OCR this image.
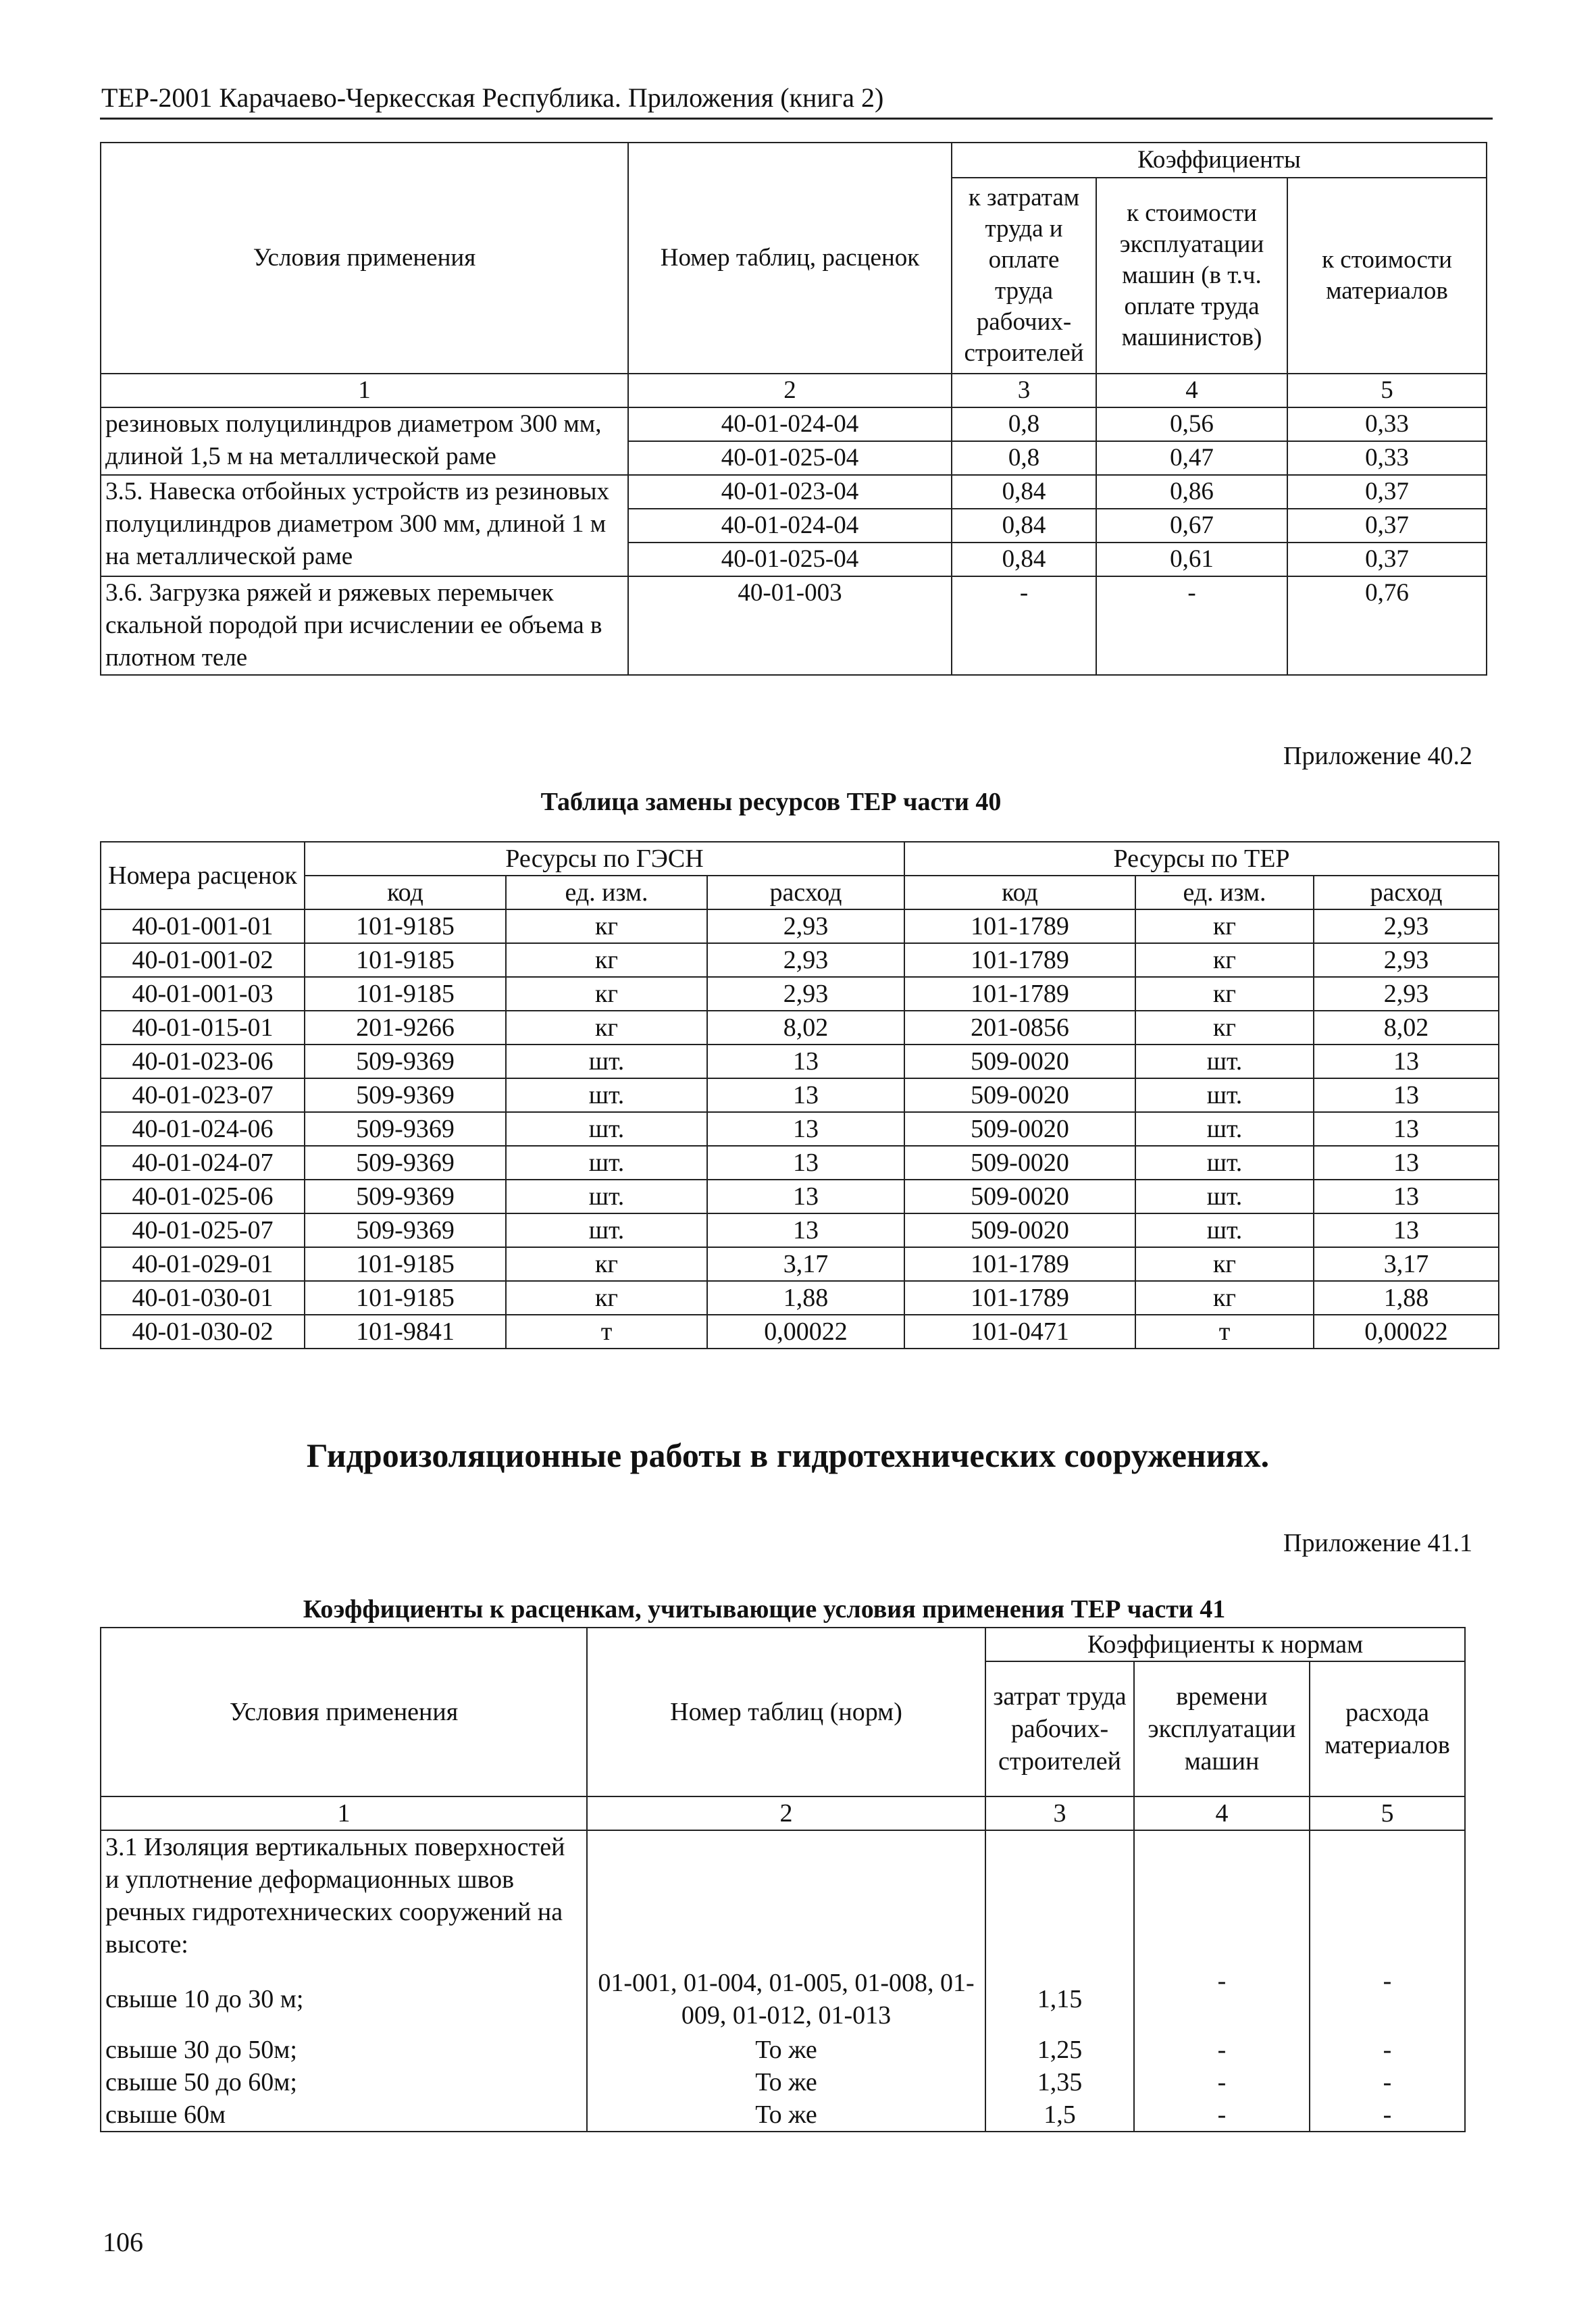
ТЕР-2001 Карачаево-Черкесская Республика. Приложения (книга 2)
Условия применения	Номер таблиц, расценок	Коэффициенты		
		к затратам труда и оплате труда рабочих-строителей	к стоимости эксплуатации машин (в т.ч. оплате труда машинистов)	к стоимости материалов
1	2	3	4	5
резиновых полуцилиндров диаметром 300 мм, длиной 1,5 м на металлической раме	40-01-024-04	0,8	0,56	0,33
	40-01-025-04	0,8	0,47	0,33
3.5. Навеска отбойных устройств из резиновых полуцилиндров диаметром 300 мм, длиной 1 м на металлической раме	40-01-023-04	0,84	0,86	0,37
	40-01-024-04	0,84	0,67	0,37
	40-01-025-04	0,84	0,61	0,37
3.6. Загрузка ряжей и ряжевых перемычек скальной породой при исчислении ее объема в плотном теле	40-01-003	-	-	0,76
Приложение 40.2
Таблица замены ресурсов ТЕР части 40
Номера расценок	Ресурсы по ГЭСН			Ресурсы по ТЕР		
	код	ед. изм.	расход	код	ед. изм.	расход
40-01-001-01	101-9185	кг	2,93	101-1789	кг	2,93
40-01-001-02	101-9185	кг	2,93	101-1789	кг	2,93
40-01-001-03	101-9185	кг	2,93	101-1789	кг	2,93
40-01-015-01	201-9266	кг	8,02	201-0856	кг	8,02
40-01-023-06	509-9369	шт.	13	509-0020	шт.	13
40-01-023-07	509-9369	шт.	13	509-0020	шт.	13
40-01-024-06	509-9369	шт.	13	509-0020	шт.	13
40-01-024-07	509-9369	шт.	13	509-0020	шт.	13
40-01-025-06	509-9369	шт.	13	509-0020	шт.	13
40-01-025-07	509-9369	шт.	13	509-0020	шт.	13
40-01-029-01	101-9185	кг	3,17	101-1789	кг	3,17
40-01-030-01	101-9185	кг	1,88	101-1789	кг	1,88
40-01-030-02	101-9841	т	0,00022	101-0471	т	0,00022
Гидроизоляционные работы в гидротехнических сооружениях.
Приложение 41.1
Коэффициенты к расценкам, учитывающие условия применения ТЕР части 41
Условия применения	Номер таблиц (норм)	Коэффициенты к нормам		
		затрат труда рабочих-строителей	времени эксплуатации машин	расхода материалов
1	2	3	4	5
3.1 Изоляция вертикальных поверхностей и уплотнение деформационных швов речных гидротехнических сооружений на высоте:				
свыше 10 до 30 м;	01-001, 01-004, 01-005, 01-008, 01-009, 01-012, 01-013	1,15	-	-
свыше 30 до 50м;	То же	1,25	-	-
свыше 50 до 60м;	То же	1,35	-	-
свыше 60м	То же	1,5	-	-
106
